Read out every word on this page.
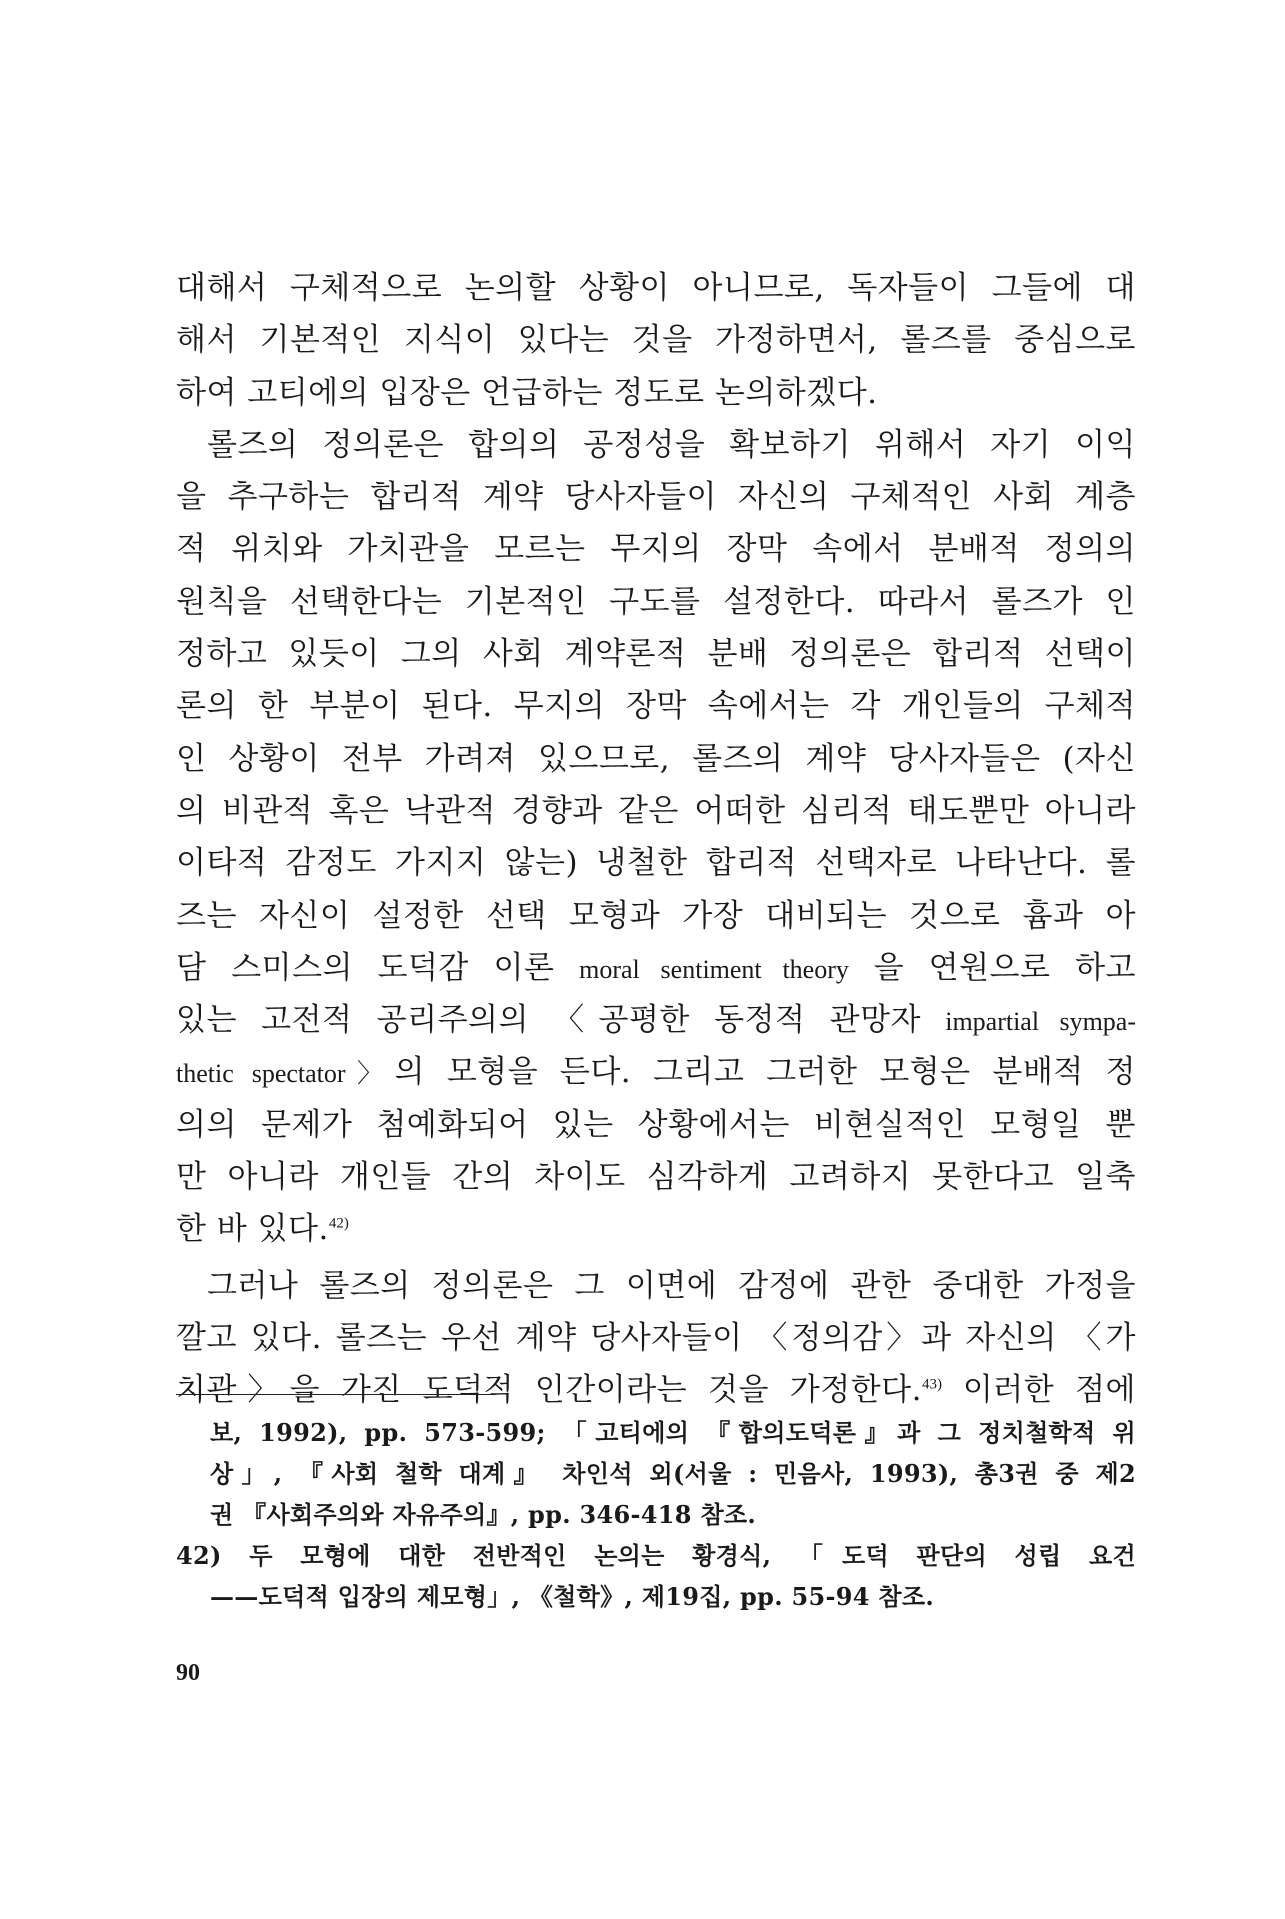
대해서 구체적으로 논의할 상황이 아니므로, 독자들이 그들에 대
해서 기본적인 지식이 있다는 것을 가정하면서, 롤즈를 중심으로
하여 고티에의 입장은 언급하는 정도로 논의하겠다.
롤즈의 정의론은 합의의 공정성을 확보하기 위해서 자기 이익
을 추구하는 합리적 계약 당사자들이 자신의 구체적인 사회 계층
적 위치와 가치관을 모르는 무지의 장막 속에서 분배적 정의의
원칙을 선택한다는 기본적인 구도를 설정한다. 따라서 롤즈가 인
정하고 있듯이 그의 사회 계약론적 분배 정의론은 합리적 선택이
론의 한 부분이 된다. 무지의 장막 속에서는 각 개인들의 구체적
인 상황이 전부 가려져 있으므로, 롤즈의 계약 당사자들은 (자신
의 비관적 혹은 낙관적 경향과 같은 어떠한 심리적 태도뿐만 아니라
이타적 감정도 가지지 않는) 냉철한 합리적 선택자로 나타난다. 롤
즈는 자신이 설정한 선택 모형과 가장 대비되는 것으로 흄과 아
담 스미스의 도덕감 이론 moral sentiment theory 을 연원으로 하고
있는 고전적 공리주의의 〈공평한 동정적 관망자 impartial sympa-
thetic spectator〉의 모형을 든다. 그리고 그러한 모형은 분배적 정
의의 문제가 첨예화되어 있는 상황에서는 비현실적인 모형일 뿐
만 아니라 개인들 간의 차이도 심각하게 고려하지 못한다고 일축
한 바 있다.$^{42)}$
그러나 롤즈의 정의론은 그 이면에 감정에 관한 중대한 가정을
깔고 있다. 롤즈는 우선 계약 당사자들이 〈정의감〉과 자신의 〈가
치관〉을 가진 도덕적 인간이라는 것을 가정한다.$^{43)}$ 이러한 점에
보, 1992), pp. 573-599; 「고티에의 『합의도덕론』과 그 정치철학적 위
상」, 『사회 철학 대계』 차인석 외(서울 : 민음사, 1993), 총3권 중 제2
권 『사회주의와 자유주의』, pp. 346-418 참조.
42) 두 모형에 대한 전반적인 논의는 황경식, 「도덕 판단의 성립 요건
——도덕적 입장의 제모형」, 《철학》, 제19집, pp. 55-94 참조.
90
